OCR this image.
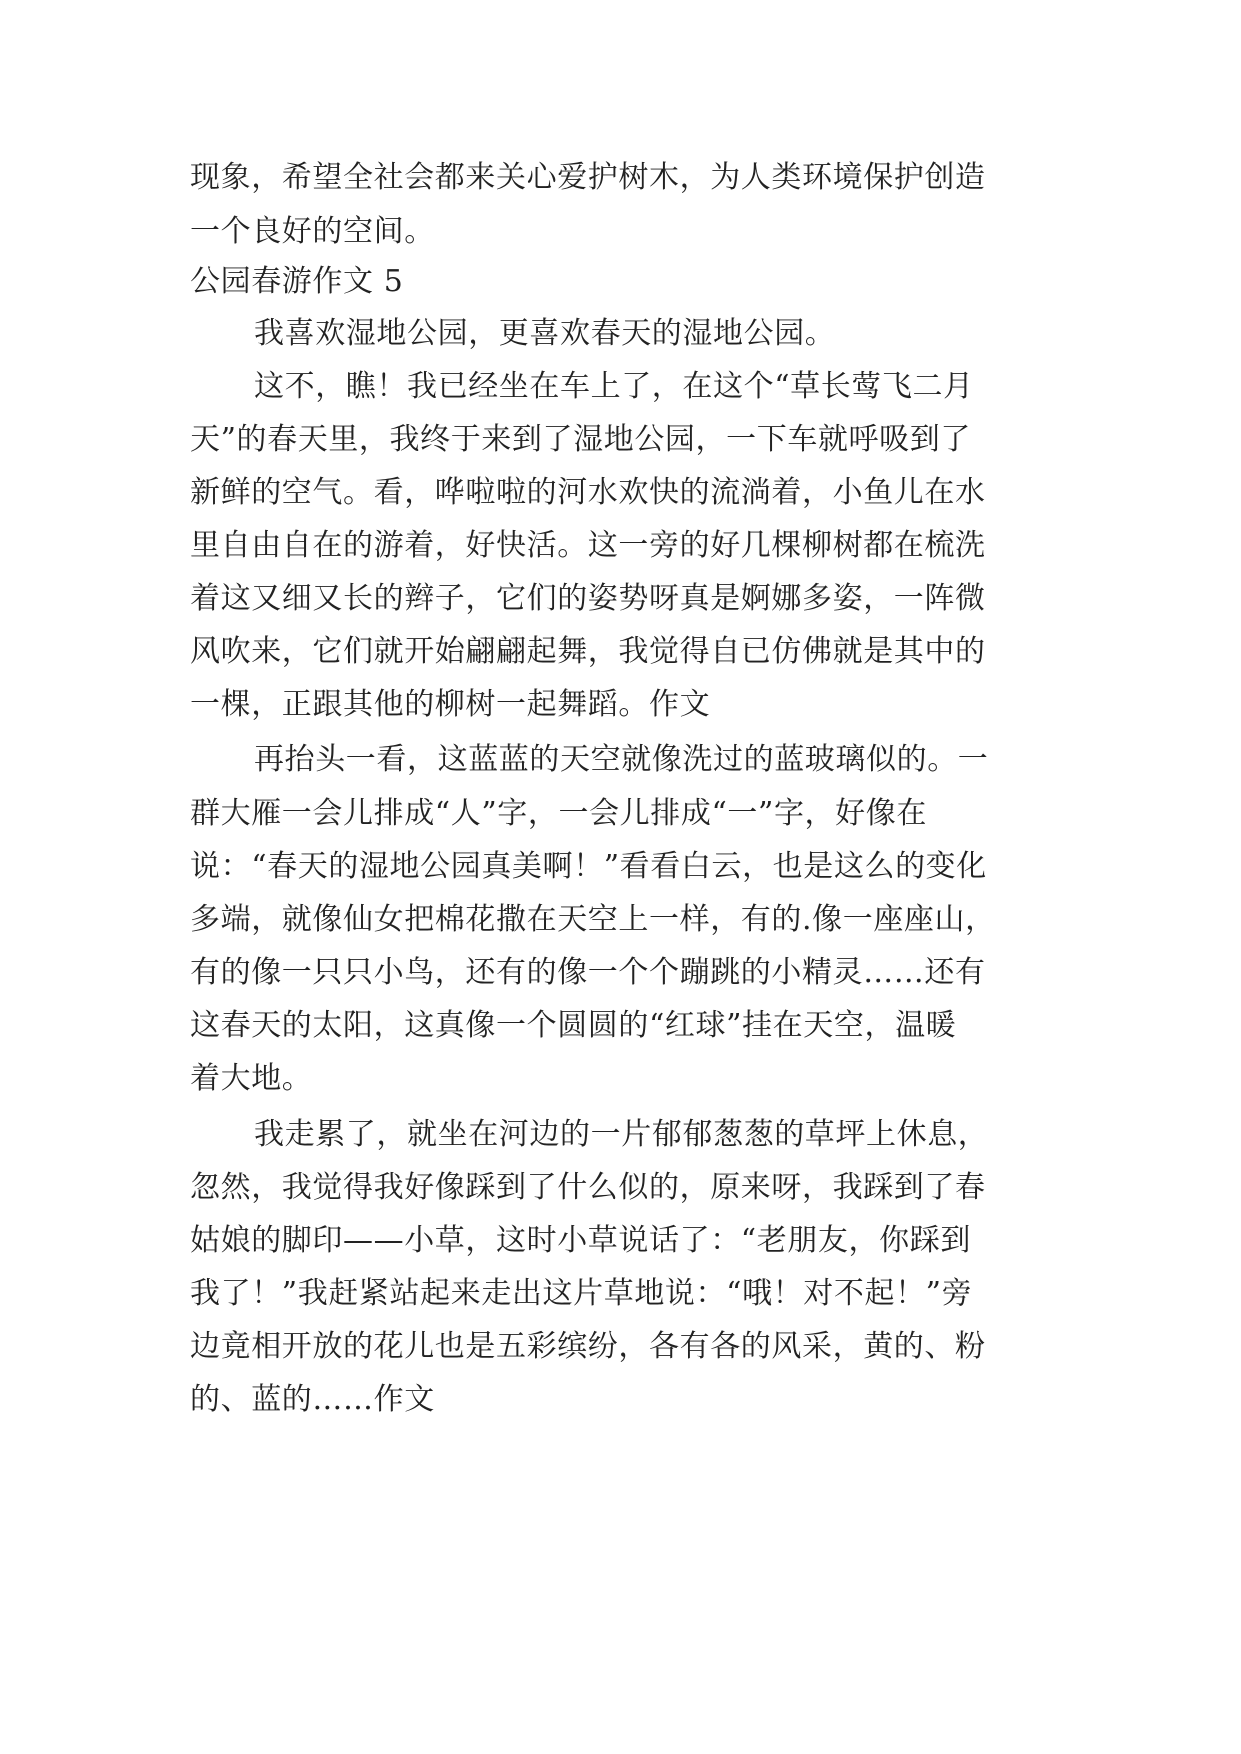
现象，希望全社会都来关心爱护树木，为人类环境保护创造
一个良好的空间。
公园春游作文 5
我喜欢湿地公园，更喜欢春天的湿地公园。
这不，瞧！我已经坐在车上了，在这个“草长莺飞二月
天”的春天里，我终于来到了湿地公园，一下车就呼吸到了
新鲜的空气。看，哗啦啦的河水欢快的流淌着，小鱼儿在水
里自由自在的游着，好快活。这一旁的好几棵柳树都在梳洗
着这又细又长的辫子，它们的姿势呀真是婀娜多姿，一阵微
风吹来，它们就开始翩翩起舞，我觉得自已仿佛就是其中的
一棵，正跟其他的柳树一起舞蹈。作文
再抬头一看，这蓝蓝的天空就像洗过的蓝玻璃似的。一
群大雁一会儿排成“人”字，一会儿排成“一”字，好像在
说：“春天的湿地公园真美啊！”看看白云，也是这么的变化
多端，就像仙女把棉花撒在天空上一样，有的.像一座座山，
有的像一只只小鸟，还有的像一个个蹦跳的小精灵……还有
这春天的太阳，这真像一个圆圆的“红球”挂在天空，温暖
着大地。
我走累了，就坐在河边的一片郁郁葱葱的草坪上休息，
忽然，我觉得我好像踩到了什么似的，原来呀，我踩到了春
姑娘的脚印——小草，这时小草说话了：“老朋友，你踩到
我了！”我赶紧站起来走出这片草地说：“哦！对不起！”旁
边竟相开放的花儿也是五彩缤纷，各有各的风采，黄的、粉
的、蓝的……作文
